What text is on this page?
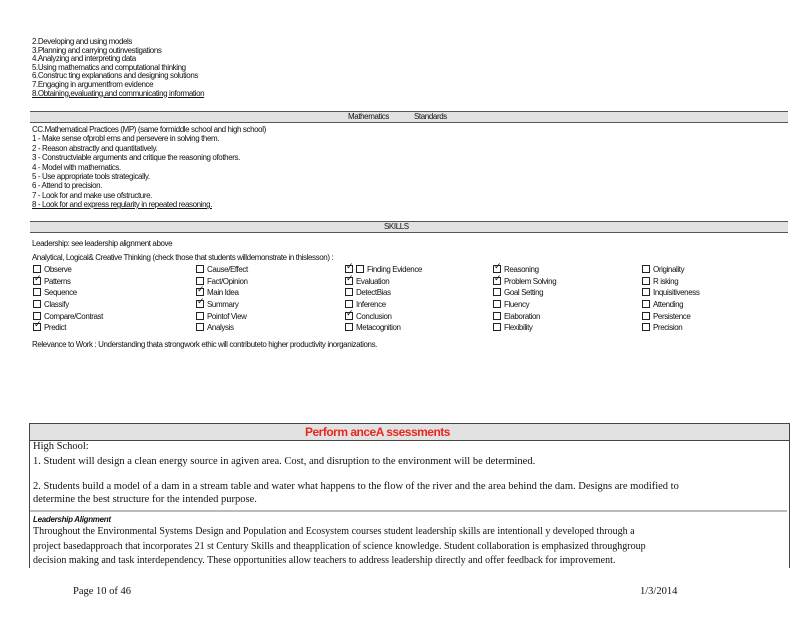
2.Developing and using models
3.Planning and carrying outinvestigations
4.Analyzing and interpreting data
5.Using mathematics and computational thinking
6.Construc ting explanations and designing solutions
7.Engaging in argumentfrom evidence
8.Obtaining,evaluating,and communicating information
Mathematics	Standards
CC.Mathematical Practices (MP) (same formiddle school and high school)
1 - Make sense ofprobl ems and persevere in solving them.
2 - Reason abstractly and quantitatively.
3 - Constructviable arguments and critique the reasoning ofothers.
4 - Model with mathematics.
5 - Use appropriate tools strategically.
6 - Attend to precision.
7 - Look for and make use ofstructure.
8 - Look for and express regularity in repeated reasoning.
SKILLS
Leadership: see leadership alignment above
Analytical, Logical& Creative Thinking (check those that students willdemonstrate in thislesson) :
Observe
✓Patterns
Sequence
Classify
Compare/Contrast
✓Predict
Cause/Effect
Fact/Opinion
✓Main Idea
✓Summary
Pointof View
Analysis
✓Finding Evidence
✓Evaluation
DetectBias
Inference
✓Conclusion
Metacognition
✓Reasoning
✓Problem Solving
Goal Setting
Fluency
Elaboration
Flexibility
Originality
R isking
Inquisitiveness
Attending
Persistence
Precision
Relevance to Work : Understanding thata strongwork ethic will contributeto higher productivity inorganizations.
Perform anceA ssessments
High School:
1. Student will design a clean energy source in agiven area. Cost, and disruption to the environment will be determined.
2. Students build a model of a dam in a stream table and water what happens to the flow of the river and the area behind the dam. Designs are modified to
determine the best structure for the intended purpose.
Leadership Alignment
Throughout the Environmental Systems Design and Population and Ecosystem courses student leadership skills are intentionall y developed through a
project basedapproach that incorporates 21 st Century Skills and theapplication of science knowledge. Student collaboration is emphasized throughgroup
decision making and task interdependency. These opportunities allow teachers to address leadership directly and offer feedback for improvement.
Page 10 of 46	1/3/2014
